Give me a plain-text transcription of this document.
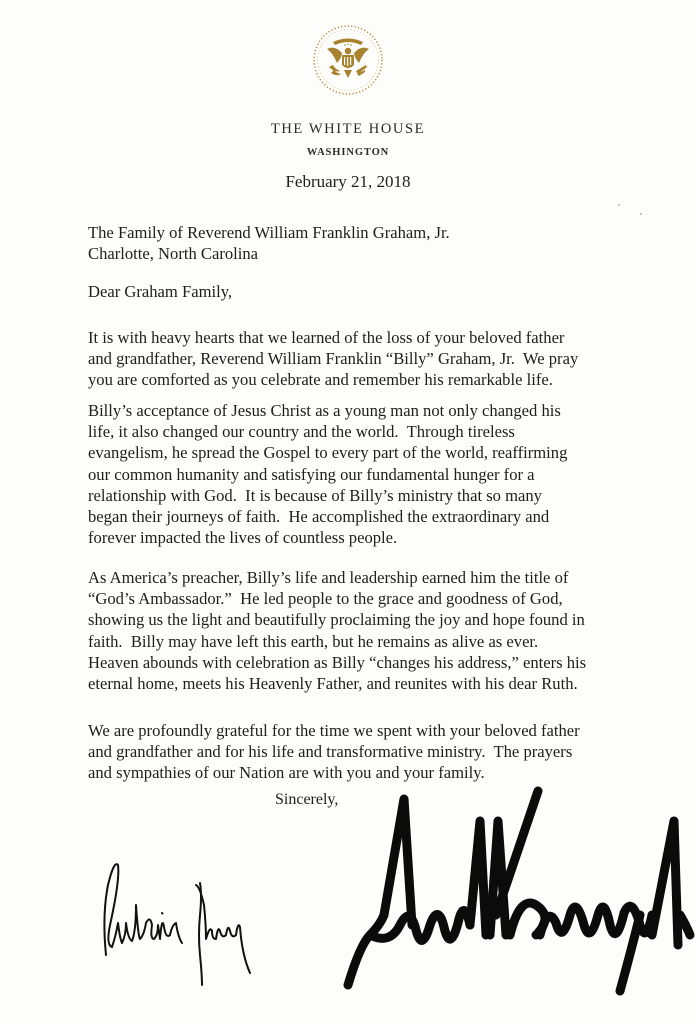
THE WHITE HOUSE
WASHINGTON
February 21, 2018
The Family of Reverend William Franklin Graham, Jr.
Charlotte, North Carolina
Dear Graham Family,
It is with heavy hearts that we learned of the loss of your beloved father
and grandfather, Reverend William Franklin “Billy” Graham, Jr.  We pray
you are comforted as you celebrate and remember his remarkable life.
Billy’s acceptance of Jesus Christ as a young man not only changed his
life, it also changed our country and the world.  Through tireless
evangelism, he spread the Gospel to every part of the world, reaffirming
our common humanity and satisfying our fundamental hunger for a
relationship with God.  It is because of Billy’s ministry that so many
began their journeys of faith.  He accomplished the extraordinary and
forever impacted the lives of countless people.
As America’s preacher, Billy’s life and leadership earned him the title of
“God’s Ambassador.”  He led people to the grace and goodness of God,
showing us the light and beautifully proclaiming the joy and hope found in
faith.  Billy may have left this earth, but he remains as alive as ever.
Heaven abounds with celebration as Billy “changes his address,” enters his
eternal home, meets his Heavenly Father, and reunites with his dear Ruth.
We are profoundly grateful for the time we spent with your beloved father
and grandfather and for his life and transformative ministry.  The prayers
and sympathies of our Nation are with you and your family.
Sincerely,
